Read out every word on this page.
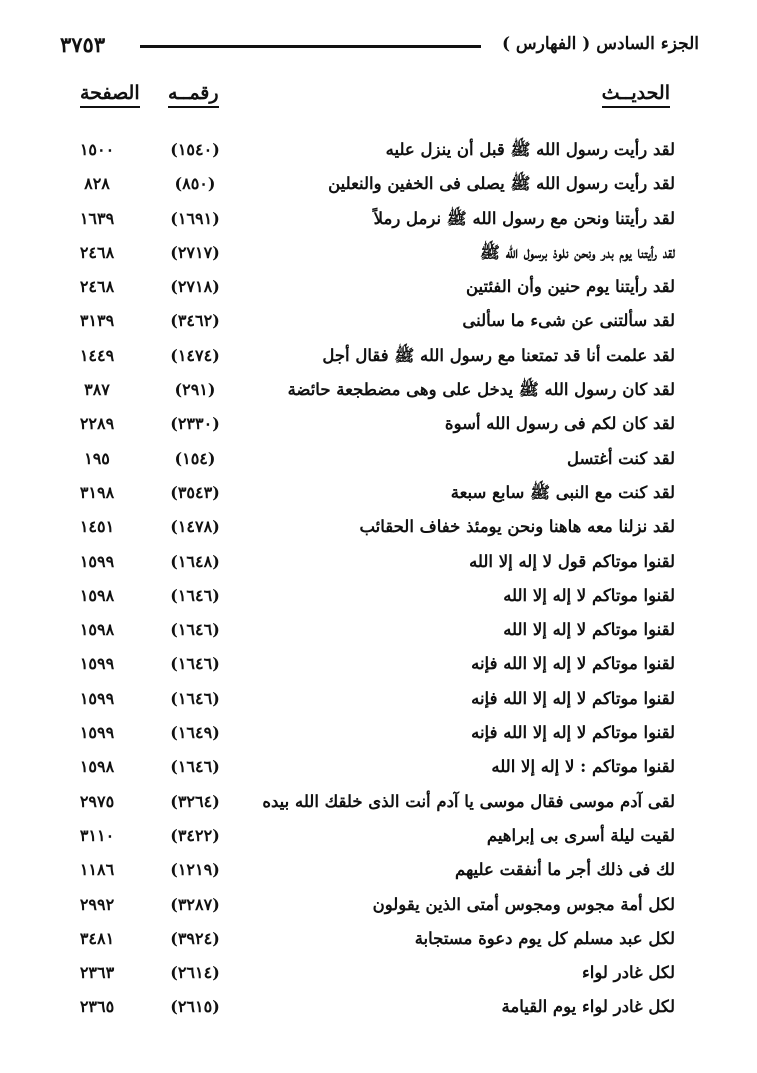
٣٧٥٣	الجزء السادس ( الفهارس )
الحديــث
رقمــه
الصفحة
لقد رأيت رسول الله ﷺ قبل أن ينزل عليه
(١٥٤٠)
١٥٠٠
لقد رأيت رسول الله ﷺ يصلى فى الخفين والنعلين
(٨٥٠)
٨٢٨
لقد رأيتنا ونحن مع رسول الله ﷺ نرمل رملاً
(١٦٩١)
١٦٣٩
لقد رأيتنا يوم بدر ونحن نلوذ برسول الله ﷺ
(٢٧١٧)
٢٤٦٨
لقد رأيتنا يوم حنين وأن الفئتين
(٢٧١٨)
٢٤٦٨
لقد سألتنى عن شىء ما سألنى
(٣٤٦٢)
٣١٣٩
لقد علمت أنا قد تمتعنا مع رسول الله ﷺ فقال أجل
(١٤٧٤)
١٤٤٩
لقد كان رسول الله ﷺ يدخل على وهى مضطجعة حائضة
(٢٩١)
٣٨٧
لقد كان لكم فى رسول الله أسوة
(٢٣٣٠)
٢٢٨٩
لقد كنت أغتسل
(١٥٤)
١٩٥
لقد كنت مع النبى ﷺ سابع سبعة
(٣٥٤٣)
٣١٩٨
لقد نزلنا معه هاهنا ونحن يومئذ خفاف الحقائب
(١٤٧٨)
١٤٥١
لقنوا موتاكم قول لا إله إلا الله
(١٦٤٨)
١٥٩٩
لقنوا موتاكم لا إله إلا الله
(١٦٤٦)
١٥٩٨
لقنوا موتاكم لا إله إلا الله
(١٦٤٦)
١٥٩٨
لقنوا موتاكم لا إله إلا الله فإنه
(١٦٤٦)
١٥٩٩
لقنوا موتاكم لا إله إلا الله فإنه
(١٦٤٦)
١٥٩٩
لقنوا موتاكم لا إله إلا الله فإنه
(١٦٤٩)
١٥٩٩
لقنوا موتاكم : لا إله إلا الله
(١٦٤٦)
١٥٩٨
لقى آدم موسى فقال موسى يا آدم أنت الذى خلقك الله بيده
(٣٢٦٤)
٢٩٧٥
لقيت ليلة أسرى بى إبراهيم
(٣٤٢٢)
٣١١٠
لك فى ذلك أجر ما أنفقت عليهم
(١٢١٩)
١١٨٦
لكل أمة مجوس ومجوس أمتى الذين يقولون
(٣٢٨٧)
٢٩٩٢
لكل عبد مسلم كل يوم دعوة مستجابة
(٣٩٢٤)
٣٤٨١
لكل غادر لواء
(٢٦١٤)
٢٣٦٣
لكل غادر لواء يوم القيامة
(٢٦١٥)
٢٣٦٥
